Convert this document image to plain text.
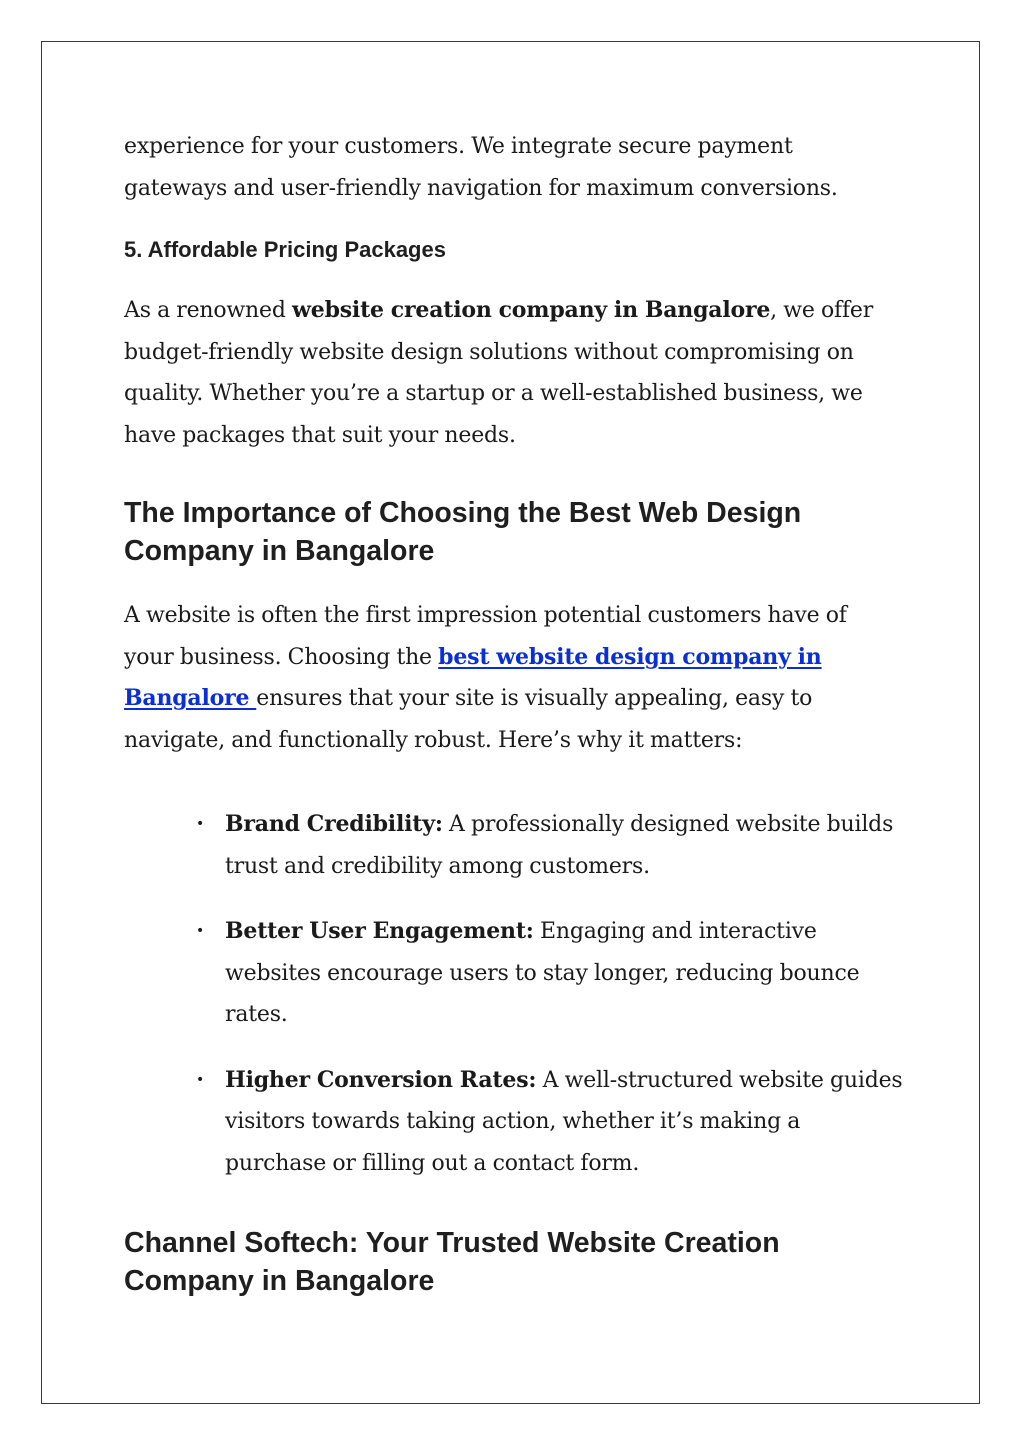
experience for your customers. We integrate secure payment gateways and user-friendly navigation for maximum conversions.

5. Affordable Pricing Packages

As a renowned website creation company in Bangalore, we offer budget-friendly website design solutions without compromising on quality. Whether you’re a startup or a well-established business, we have packages that suit your needs.

The Importance of Choosing the Best Web Design Company in Bangalore

A website is often the first impression potential customers have of your business. Choosing the best website design company in Bangalore ensures that your site is visually appealing, easy to navigate, and functionally robust. Here’s why it matters:

• Brand Credibility: A professionally designed website builds trust and credibility among customers.
• Better User Engagement: Engaging and interactive websites encourage users to stay longer, reducing bounce rates.
• Higher Conversion Rates: A well-structured website guides visitors towards taking action, whether it’s making a purchase or filling out a contact form.
Channel Softech: Your Trusted Website Creation Company in Bangalore
